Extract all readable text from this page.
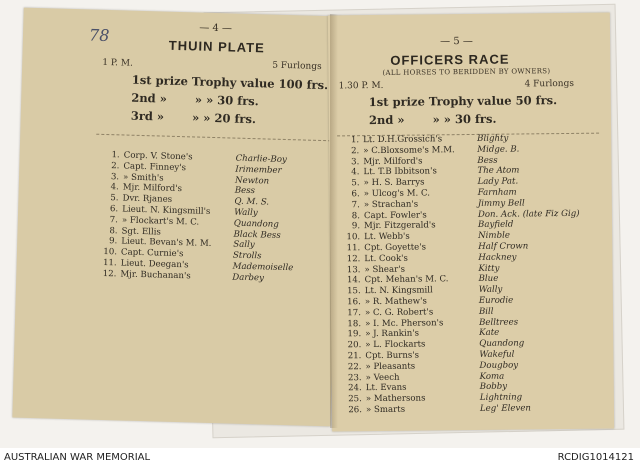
78	— 4 —
THUIN PLATE
1 P. M.	5 Furlongs
1st prize Trophy value 100 frs.
2nd » » » 30 frs.
3rd » » » 20 frs.
1. Corp. V. Stone's	Charlie-Boy
2. Capt. Finney's	Irimember
3. » Smith's	Newton
4. Mjr. Milford's	Bess
5. Dvr. Rjanes	Q. M. S.
6. Lieut. N. Kingsmill's	Wally
7. » Flockart's M. C.	Quandong
8. Sgt. Ellis	Black Bess
9. Lieut. Bevan's M. M. Sally
10. Capt. Curnie's	Strolls
11. Lieut. Deegan's	Mademoiselle
12. Mjr. Buchanan's	Darbey
— 5 —
OFFICERS RACE
(ALL HORSES TO BERIDDEN BY OWNERS)
1.30 P. M.	4 Furlongs
1st prize Trophy value 50 frs.
2nd » » » 30 frs.
1. Lt. D.H.Grossich's	Blighty
2. » C.Bloxsome's M.M.	Midge. B.
3. Mjr. Milford's	Bess
4. Lt. T.B Ibbitson's	The Atom
5. » H. S. Barrys	Lady Pat.
6. » Ulcog's M. C.	Farnham
7. » Strachan's	Jimmy Bell
8. Capt. Fowler's	Don. Ack. (late Fiz Gig)
9. Mjr. Fitzgerald's	Bayfield
10. Lt. Webb's	Nimble
11. Cpt. Goyette's	Half Crown
12. Lt. Cook's	Hackney
13. » Shear's	Kitty
14. Cpt. Mehan's M. C.	Blue
15. Lt. N. Kingsmill	Wally
16. » R. Mathew's	Eurodie
17. » C. G. Robert's	Bill
18. » I. Mc. Pherson's	Belltrees
19. » J. Rankin's	Kate
20. » L. Flockarts	Quandong
21. Cpt. Burns's	Wakeful
22. » Pleasants	Dougboy
23. » Veech	Koma
24. Lt. Evans	Bobby
25. » Mathersons	Lightning
26. » Smarts	Leg' Eleven
AUSTRALIAN WAR MEMORIAL	RCDIG1014121
